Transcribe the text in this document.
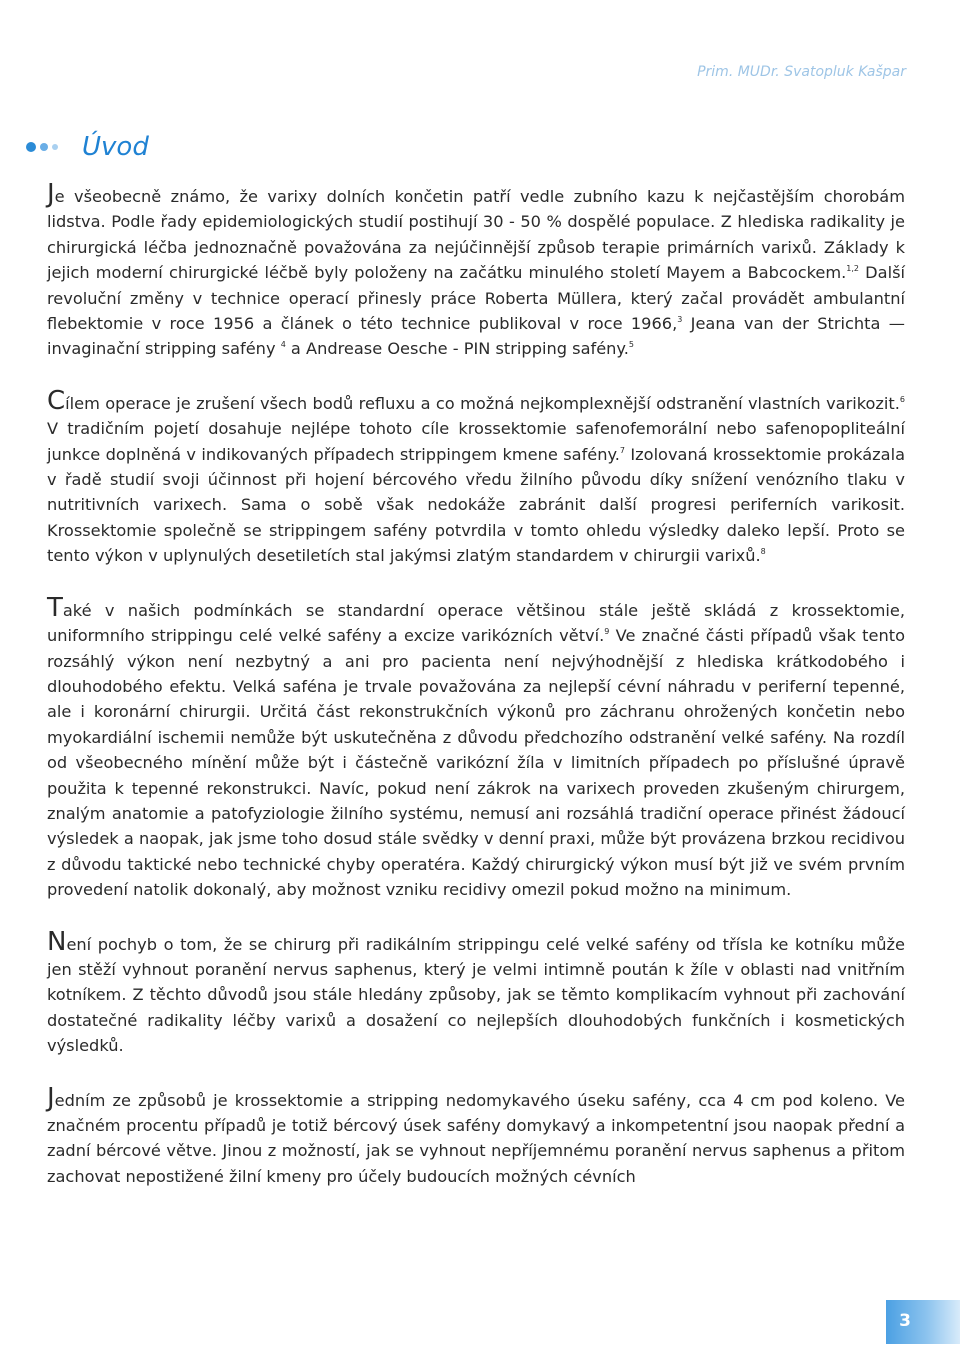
Prim. MUDr. Svatopluk Kašpar
Úvod

Je všeobecně známo, že varixy dolních končetin patří vedle zubního kazu k nejčastějším chorobám lidstva. Podle řady epidemiologických studií postihují 30 - 50 % dospělé populace. Z hlediska radikality je chirurgická léčba jednoznačně považována za nejúčinnější způsob terapie primárních varixů. Základy k jejich moderní chirurgické léčbě byly položeny na začátku minulého století Mayem a Babcockem.$^{1,2}$ Další revoluční změny v technice operací přinesly práce Roberta Müllera, který začal provádět ambulantní flebektomie v roce 1956 a článek o této technice publikoval v roce 1966,$^3$ Jeana van der Strichta — invaginační stripping safény $^4$ a Andrease Oesche - PIN stripping safény.$^5$

Cílem operace je zrušení všech bodů refluxu a co možná nejkomplexnější odstranění vlastních varikozit.$^6$ V tradičním pojetí dosahuje nejlépe tohoto cíle krossektomie safenofemorální nebo safenopopliteální junkce doplněná v indikovaných případech strippingem kmene safény.$^7$ Izolovaná krossektomie prokázala v řadě studií svoji účinnost při hojení bércového vředu žilního původu díky snížení venózního tlaku v nutritivních varixech. Sama o sobě však nedokáže zabránit další progresi periferních varikosit. Krossektomie společně se strippingem safény potvrdila v tomto ohledu výsledky daleko lepší. Proto se tento výkon v uplynulých desetiletích stal jakýmsi zlatým standardem v chirurgii varixů.$^8$

Také v našich podmínkách se standardní operace většinou stále ještě skládá z krossektomie, uniformního strippingu celé velké safény a excize varikózních větví.$^9$ Ve značné části případů však tento rozsáhlý výkon není nezbytný a ani pro pacienta není nejvýhodnější z hlediska krátkodobého i dlouhodobého efektu. Velká saféna je trvale považována za nejlepší cévní náhradu v periferní tepenné, ale i koronární chirurgii. Určitá část rekonstrukčních výkonů pro záchranu ohrožených končetin nebo myokardiální ischemii nemůže být uskutečněna z důvodu předchozího odstranění velké safény. Na rozdíl od všeobecného mínění může být i částečně varikózní žíla v limitních případech po příslušné úpravě použita k tepenné rekonstrukci. Navíc, pokud není zákrok na varixech proveden zkušeným chirurgem, znalým anatomie a patofyziologie žilního systému, nemusí ani rozsáhlá tradiční operace přinést žádoucí výsledek a naopak, jak jsme toho dosud stále svědky v denní praxi, může být provázena brzkou recidivou z důvodu taktické nebo technické chyby operatéra. Každý chirurgický výkon musí být již ve svém prvním provedení natolik dokonalý, aby možnost vzniku recidivy omezil pokud možno na minimum.

Není pochyb o tom, že se chirurg při radikálním strippingu celé velké safény od třísla ke kotníku může jen stěží vyhnout poranění nervus saphenus, který je velmi intimně poután k žíle v oblasti nad vnitřním kotníkem. Z těchto důvodů jsou stále hledány způsoby, jak se těmto komplikacím vyhnout při zachování dostatečné radikality léčby varixů a dosažení co nejlepších dlouhodobých funkčních i kosmetických výsledků.

Jedním ze způsobů je krossektomie a stripping nedomykavého úseku safény, cca 4 cm pod koleno. Ve značném procentu případů je totiž bércový úsek safény domykavý a inkompetentní jsou naopak přední a zadní bércové větve. Jinou z možností, jak se vyhnout nepříjemnému poranění nervus saphenus a přitom zachovat nepostižené žilní kmeny pro účely budoucích možných cévních

3
